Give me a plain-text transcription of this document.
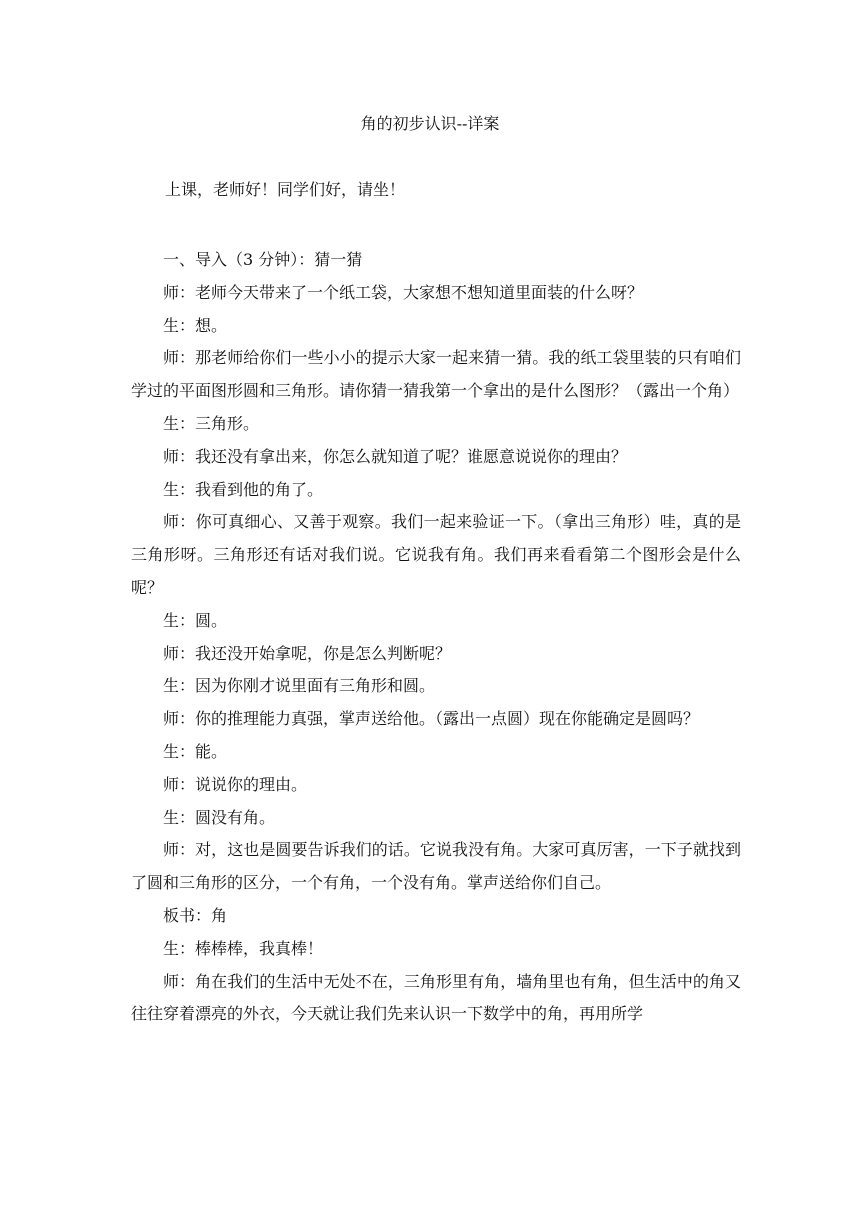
角的初步认识--详案
上课，老师好！同学们好，请坐！

一、导入（3 分钟）：猜一猜

师：老师今天带来了一个纸工袋，大家想不想知道里面装的什么呀？

生：想。

师：那老师给你们一些小小的提示大家一起来猜一猜。我的纸工袋里装的只有咱们学过的平面图形圆和三角形。请你猜一猜我第一个拿出的是什么图形？（露出一个角）

生：三角形。

师：我还没有拿出来，你怎么就知道了呢？谁愿意说说你的理由？

生：我看到他的角了。

师：你可真细心、又善于观察。我们一起来验证一下。（拿出三角形）哇，真的是三角形呀。三角形还有话对我们说。它说我有角。我们再来看看第二个图形会是什么呢？

生：圆。

师：我还没开始拿呢，你是怎么判断呢？

生：因为你刚才说里面有三角形和圆。

师：你的推理能力真强，掌声送给他。（露出一点圆）现在你能确定是圆吗？

生：能。

师：说说你的理由。

生：圆没有角。

师：对，这也是圆要告诉我们的话。它说我没有角。大家可真厉害，一下子就找到了圆和三角形的区分，一个有角，一个没有角。掌声送给你们自己。

板书：角

生：棒棒棒，我真棒！

师：角在我们的生活中无处不在，三角形里有角，墙角里也有角，但生活中的角又往往穿着漂亮的外衣，今天就让我们先来认识一下数学中的角，再用所学
